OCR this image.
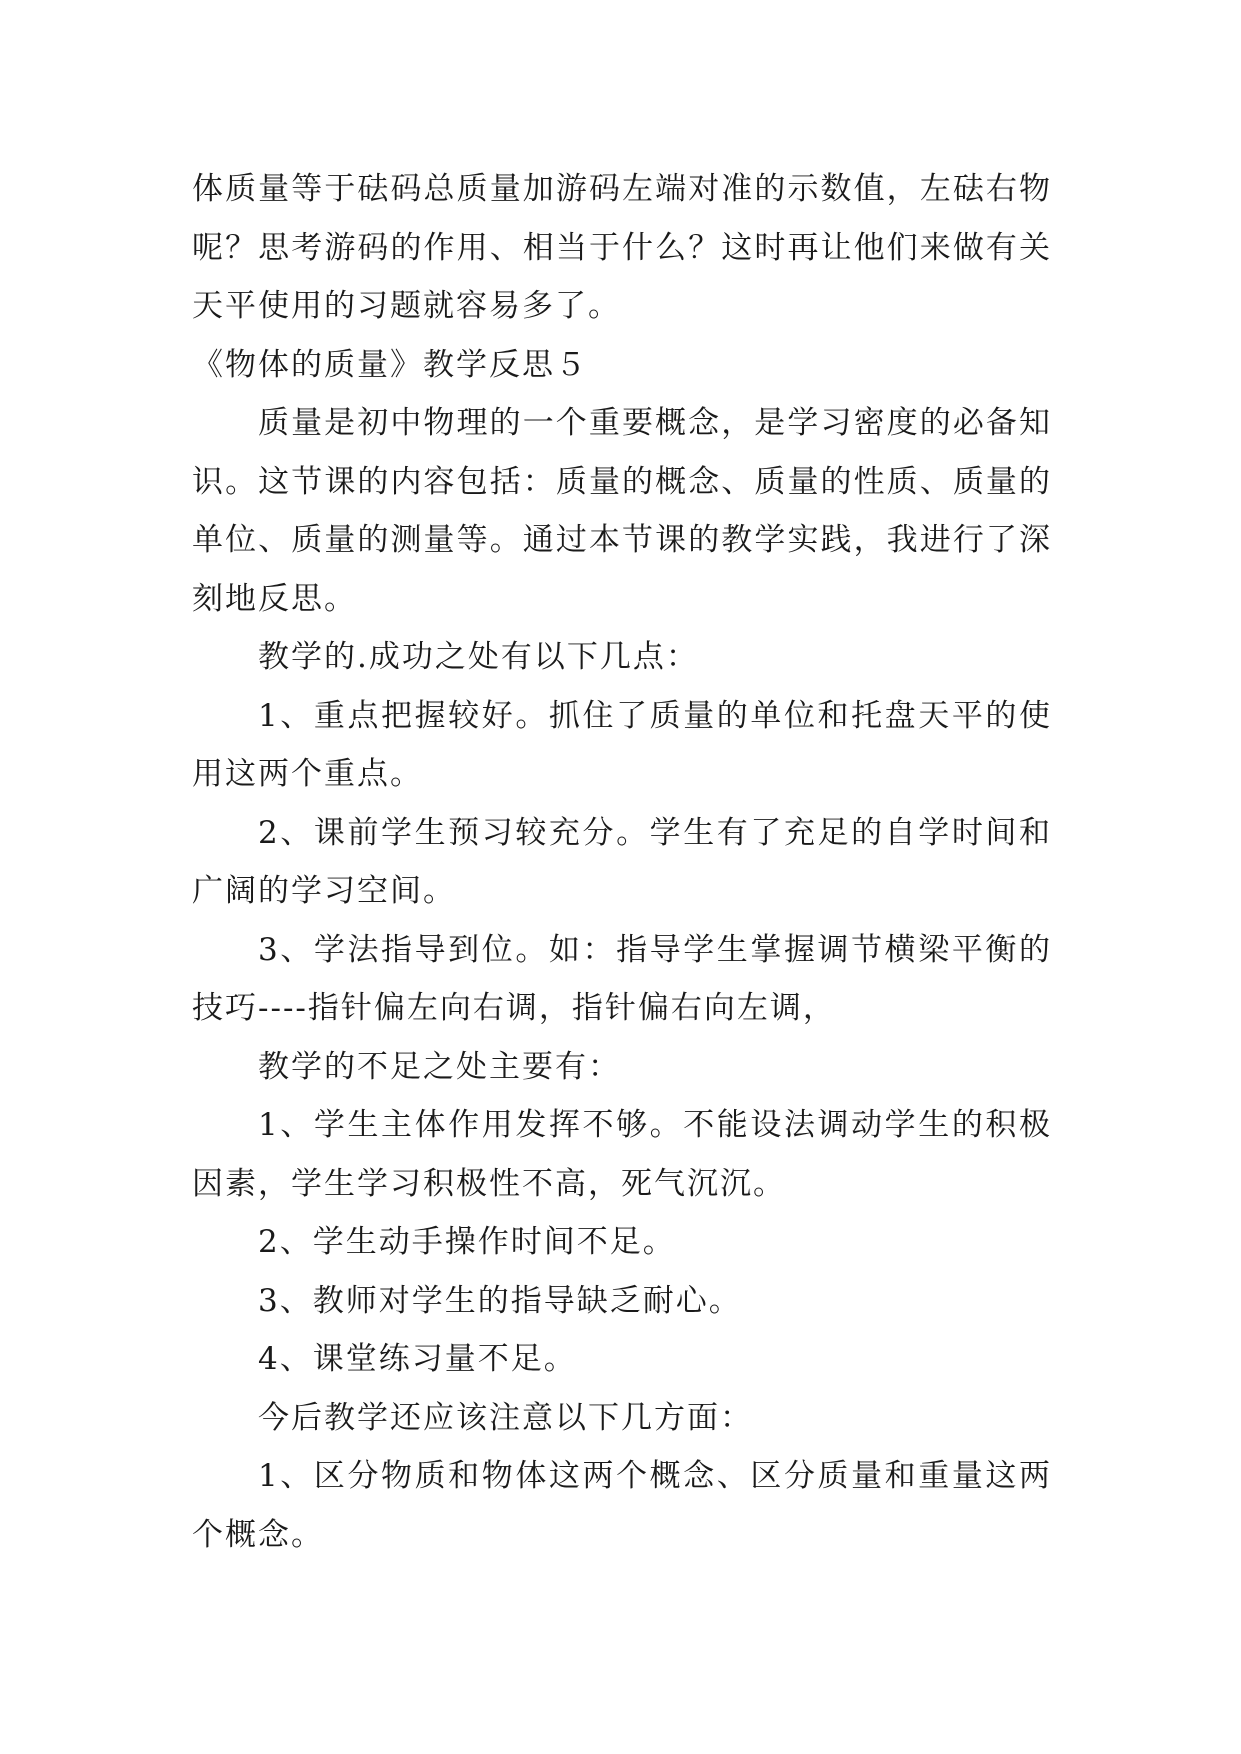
体质量等于砝码总质量加游码左端对准的示数值，左砝右物呢？思考游码的作用、相当于什么？这时再让他们来做有关天平使用的习题就容易多了。

《物体的质量》教学反思５

质量是初中物理的一个重要概念，是学习密度的必备知识。这节课的内容包括：质量的概念、质量的性质、质量的单位、质量的测量等。通过本节课的教学实践，我进行了深刻地反思。

教学的.成功之处有以下几点：

1、重点把握较好。抓住了质量的单位和托盘天平的使用这两个重点。

2、课前学生预习较充分。学生有了充足的自学时间和广阔的学习空间。

3、学法指导到位。如：指导学生掌握调节横梁平衡的技巧----指针偏左向右调，指针偏右向左调，

教学的不足之处主要有：

1、学生主体作用发挥不够。不能设法调动学生的积极因素，学生学习积极性不高，死气沉沉。

2、学生动手操作时间不足。

3、教师对学生的指导缺乏耐心。

4、课堂练习量不足。

今后教学还应该注意以下几方面：

1、区分物质和物体这两个概念、区分质量和重量这两个概念。
